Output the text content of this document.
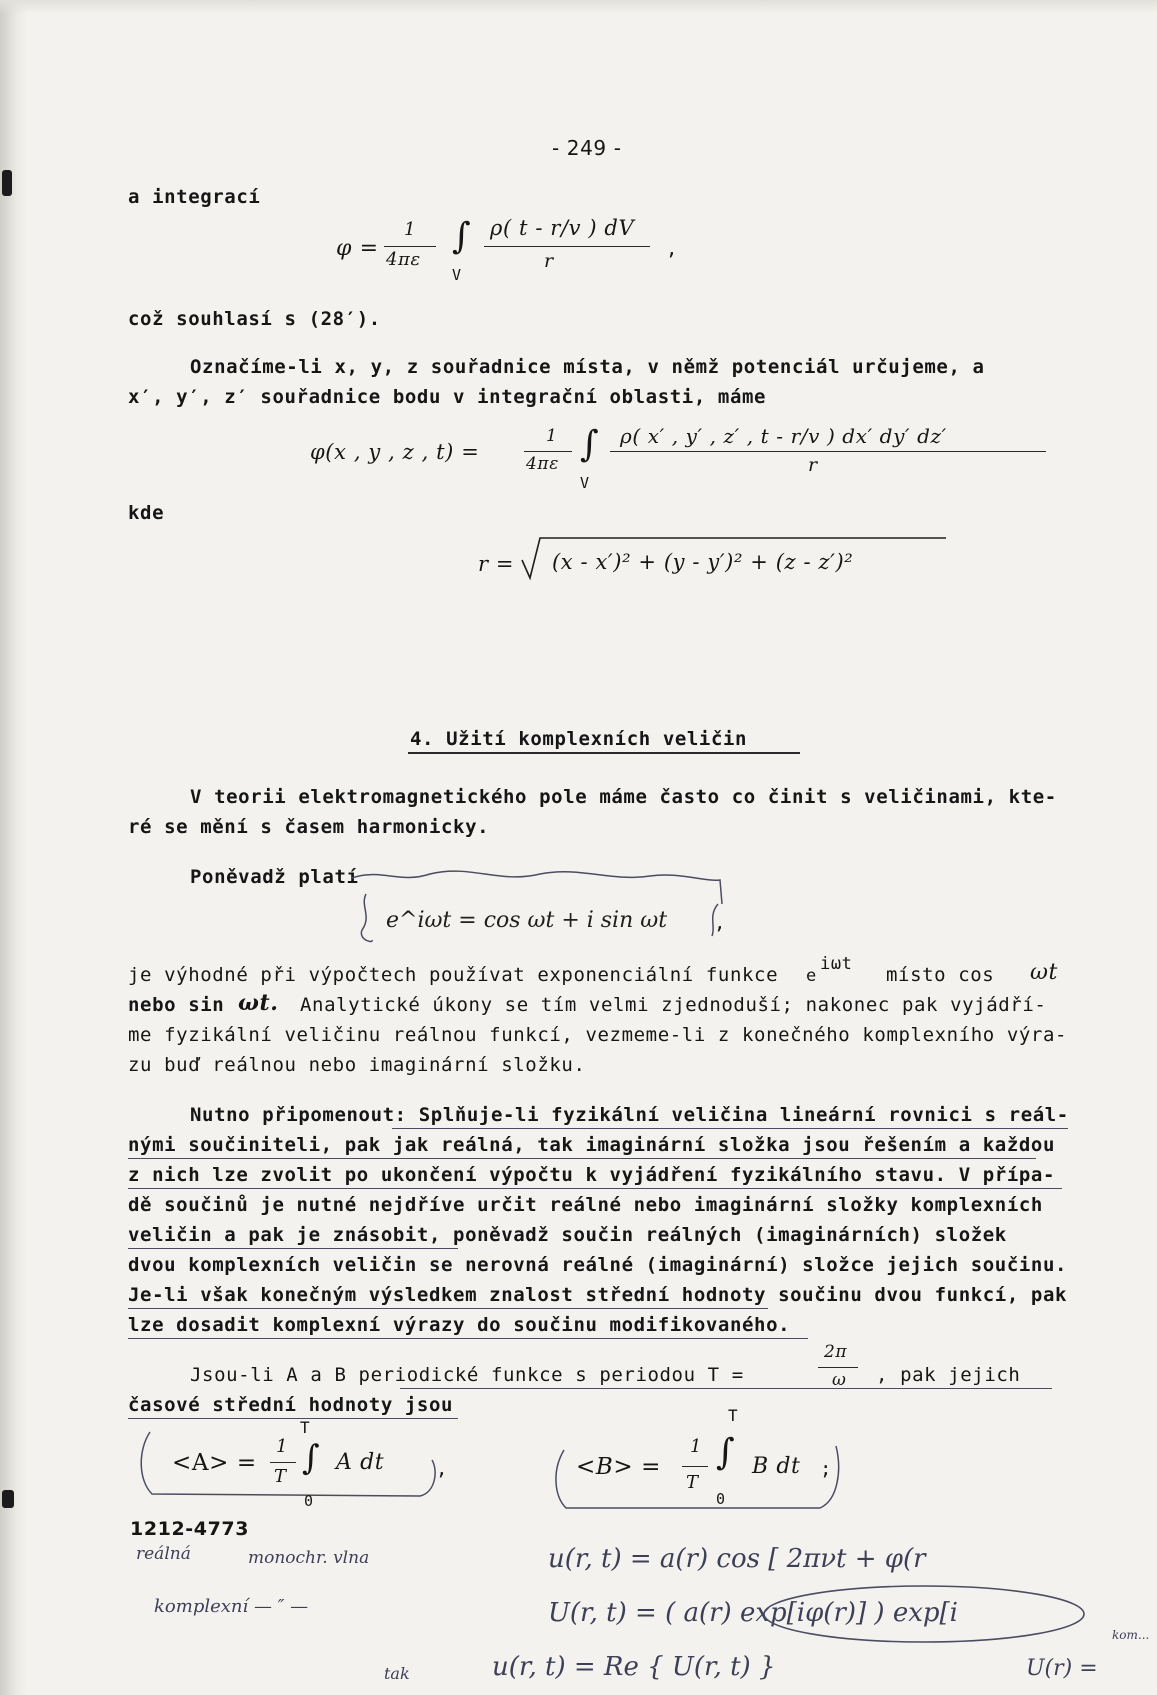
- 249 -
a integrací
φ =
1
4πε
∫
V
ρ( t - r/v ) dV
r
,
což souhlasí s (28′).
Označíme-li x, y, z souřadnice místa, v němž potenciál určujeme, a
x′, y′, z′ souřadnice bodu v integrační oblasti, máme
φ(x , y , z , t) =
1
4πε ∫
V
ρ( x′ , y′ , z′ , t - r/v ) dx′ dy′ dz′
r
kde
r = (x - x′)² + (y - y′)² + (z - z′)²
4. Užití komplexních veličin
V teorii elektromagnetického pole máme často co činit s veličinami, kte-
ré se mění s časem harmonicky.
Poněvadž platí
e^iωt = cos ωt + i sin ωt ,
je výhodné při výpočtech používat exponenciální funkce e
iωt místo cos ωt
nebo sin ωt. Analytické úkony se tím velmi zjednoduší; nakonec pak vyjádří-
me fyzikální veličinu reálnou funkcí, vezmeme-li z konečného komplexního výra-
zu buď reálnou nebo imaginární složku.
Nutno připomenout: Splňuje-li fyzikální veličina lineární rovnici s reál-
nými součiniteli, pak jak reálná, tak imaginární složka jsou řešením a každou
z nich lze zvolit po ukončení výpočtu k vyjádření fyzikálního stavu. V přípa-
dě součinů je nutné nejdříve určit reálné nebo imaginární složky komplexních
veličin a pak je znásobit, poněvadž součin reálných (imaginárních) složek
dvou komplexních veličin se nerovná reálné (imaginární) složce jejich součinu.
Je-li však konečným výsledkem znalost střední hodnoty součinu dvou funkcí, pak
lze dosadit komplexní výrazy do součinu modifikovaného.
Jsou-li A a B periodické funkce s periodou T =
2π
ω , pak jejich
časové střední hodnoty jsou
<A> =
1
T
T
0
∫ A dt	,	<B> =
1
T
T
0
∫ B dt ;
1212-4773
reálná	monochr. vlna
komplexní — ″ —
tak
u(r, t) = a(r) cos [ 2πνt + φ(r
U(r, t) = ( a(r) exp[iφ(r)] ) exp[i
u(r, t) = Re { U(r, t) }	U(r) =
kom...
